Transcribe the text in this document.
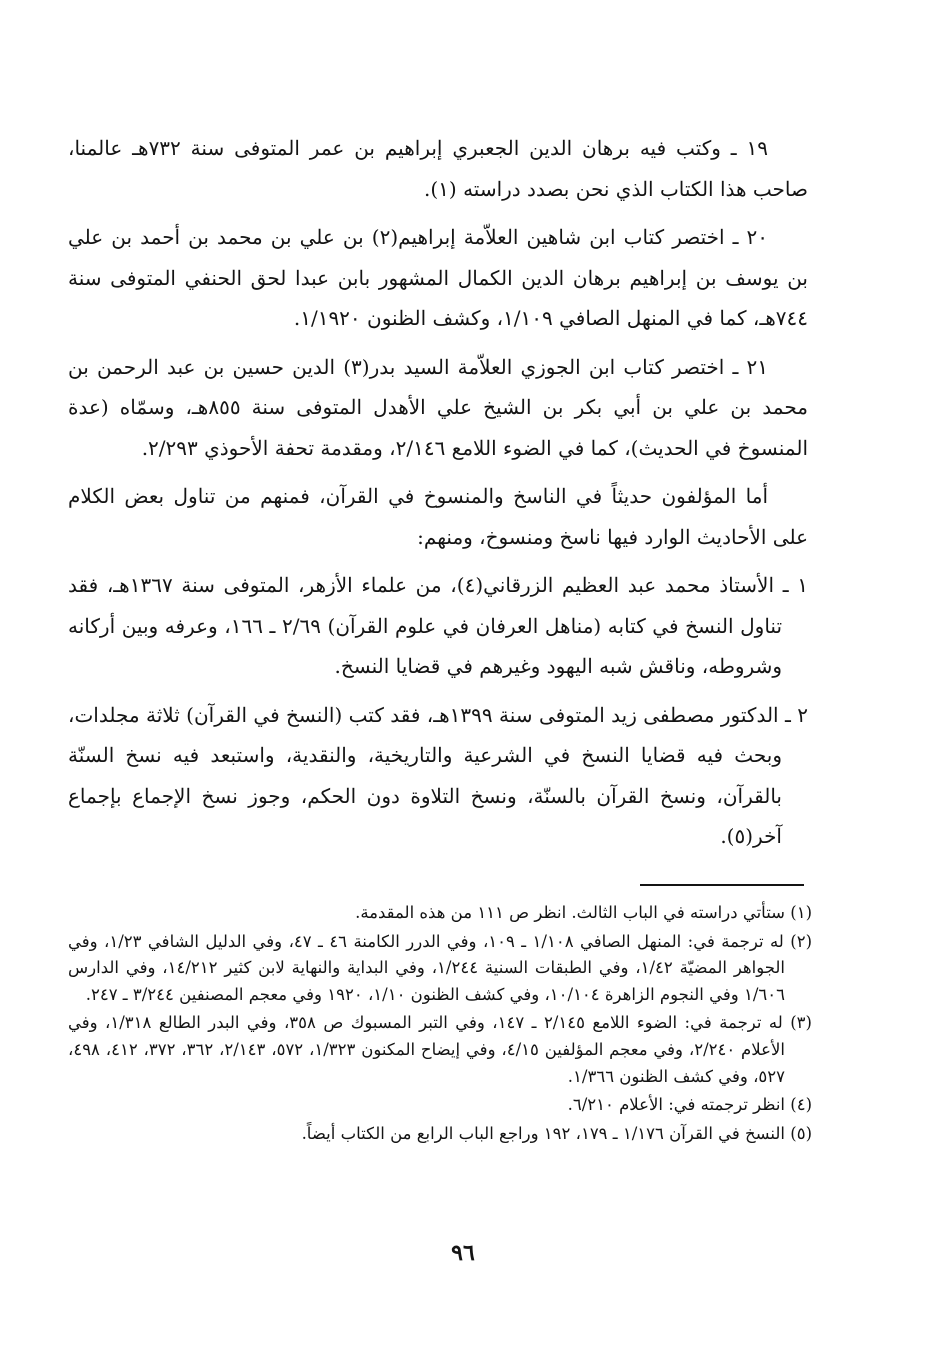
١٩ ـ وكتب فيه برهان الدين الجعبري إبراهيم بن عمر المتوفى سنة ٧٣٢هـ عالمنا، صاحب هذا الكتاب الذي نحن بصدد دراسته (١).

٢٠ ـ اختصر كتاب ابن شاهين العلاّمة إبراهيم(٢) بن علي بن محمد بن أحمد بن علي بن يوسف بن إبراهيم برهان الدين الكمال المشهور بابن عبدا لحق الحنفي المتوفى سنة ٧٤٤هـ، كما في المنهل الصافي ١/١٠٩، وكشف الظنون ١/١٩٢٠.

٢١ ـ اختصر كتاب ابن الجوزي العلاّمة السيد بدر(٣) الدين حسين بن عبد الرحمن بن محمد بن علي بن أبي بكر بن الشيخ علي الأهدل المتوفى سنة ٨٥٥هـ، وسمّاه (عدة المنسوخ في الحديث)، كما في الضوء اللامع ٢/١٤٦، ومقدمة تحفة الأحوذي ٢/٢٩٣.

أما المؤلفون حديثاً في الناسخ والمنسوخ في القرآن، فمنهم من تناول بعض الكلام على الأحاديث الوارد فيها ناسخ ومنسوخ، ومنهم:

١ ـ الأستاذ محمد عبد العظيم الزرقاني(٤)، من علماء الأزهر، المتوفى سنة ١٣٦٧هـ، فقد تناول النسخ في كتابه (مناهل العرفان في علوم القرآن) ٢/٦٩ ـ ١٦٦، وعرفه وبين أركانه وشروطه، وناقش شبه اليهود وغيرهم في قضايا النسخ.

٢ ـ الدكتور مصطفى زيد المتوفى سنة ١٣٩٩هـ، فقد كتب (النسخ في القرآن) ثلاثة مجلدات، وبحث فيه قضايا النسخ في الشرعية والتاريخية، والنقدية، واستبعد فيه نسخ السنّة بالقرآن، ونسخ القرآن بالسنّة، ونسخ التلاوة دون الحكم، وجوز نسخ الإجماع بإجماع آخر(٥).

(١) ستأتي دراسته في الباب الثالث. انظر ص ١١١ من هذه المقدمة.

(٢) له ترجمة في: المنهل الصافي ١/١٠٨ ـ ١٠٩، وفي الدرر الكامنة ٤٦ ـ ٤٧، وفي الدليل الشافي ١/٢٣، وفي الجواهر المضيّة ١/٤٢، وفي الطبقات السنية ١/٢٤٤، وفي البداية والنهاية لابن كثير ١٤/٢١٢، وفي الدارس ١/٦٠٦ وفي النجوم الزاهرة ١٠/١٠٤، وفي كشف الظنون ١/١٠، ١٩٢٠ وفي معجم المصنفين ٣/٢٤٤ ـ ٢٤٧.

(٣) له ترجمة في: الضوء اللامع ٢/١٤٥ ـ ١٤٧، وفي التبر المسبوك ص ٣٥٨، وفي البدر الطالع ١/٣١٨، وفي الأعلام ٢/٢٤٠، وفي معجم المؤلفين ٤/١٥، وفي إيضاح المكنون ١/٣٢٣، ٥٧٢، ٢/١٤٣، ٣٦٢، ٣٧٢، ٤١٢، ٤٩٨، ٥٢٧، وفي كشف الظنون ١/٣٦٦.

(٤) انظر ترجمته في: الأعلام ٦/٢١٠.

(٥) النسخ في القرآن ١/١٧٦ ـ ١٧٩، ١٩٢ وراجع الباب الرابع من الكتاب أيضاً.

٩٦
